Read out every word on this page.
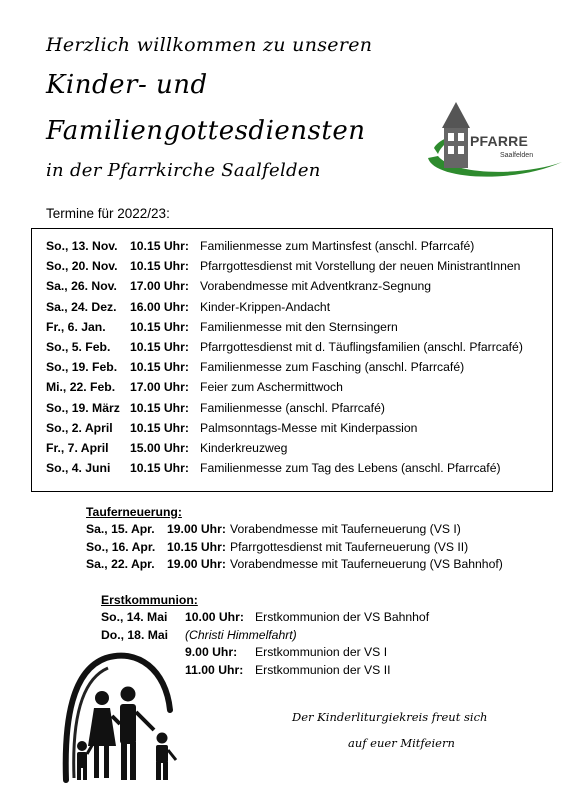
Herzlich willkommen zu unseren
Kinder- und
Familiengottesdiensten
in der Pfarrkirche Saalfelden
PFARRE
Saalfelden
Termine für 2022/23:
So., 13. Nov. 10.15 Uhr: Familienmesse zum Martinsfest (anschl. Pfarrcafé)
So., 20. Nov. 10.15 Uhr: Pfarrgottesdienst mit Vorstellung der neuen MinistrantInnen
Sa., 26. Nov. 17.00 Uhr: Vorabendmesse mit Adventkranz-Segnung
Sa., 24. Dez. 16.00 Uhr: Kinder-Krippen-Andacht
Fr., 6. Jan. 10.15 Uhr: Familienmesse mit den Sternsingern
So., 5. Feb. 10.15 Uhr: Pfarrgottesdienst mit d. Täuflingsfamilien (anschl. Pfarrcafé)
So., 19. Feb. 10.15 Uhr: Familienmesse zum Fasching (anschl. Pfarrcafé)
Mi., 22. Feb. 17.00 Uhr: Feier zum Aschermittwoch
So., 19. März 10.15 Uhr: Familienmesse (anschl. Pfarrcafé)
So., 2. April 10.15 Uhr: Palmsonntags-Messe mit Kinderpassion
Fr., 7. April 15.00 Uhr: Kinderkreuzweg
So., 4. Juni 10.15 Uhr: Familienmesse zum Tag des Lebens (anschl. Pfarrcafé)
Tauferneuerung:
Sa., 15. Apr. 19.00 Uhr: Vorabendmesse mit Tauferneuerung (VS I)
So., 16. Apr. 10.15 Uhr: Pfarrgottesdienst mit Tauferneuerung (VS II)
Sa., 22. Apr. 19.00 Uhr: Vorabendmesse mit Tauferneuerung (VS Bahnhof)
Erstkommunion:
So., 14. Mai 10.00 Uhr: Erstkommunion der VS Bahnhof
Do., 18. Mai (Christi Himmelfahrt)
9.00 Uhr: Erstkommunion der VS I
11.00 Uhr: Erstkommunion der VS II
Der Kinderliturgiekreis freut sich
auf euer Mitfeiern
